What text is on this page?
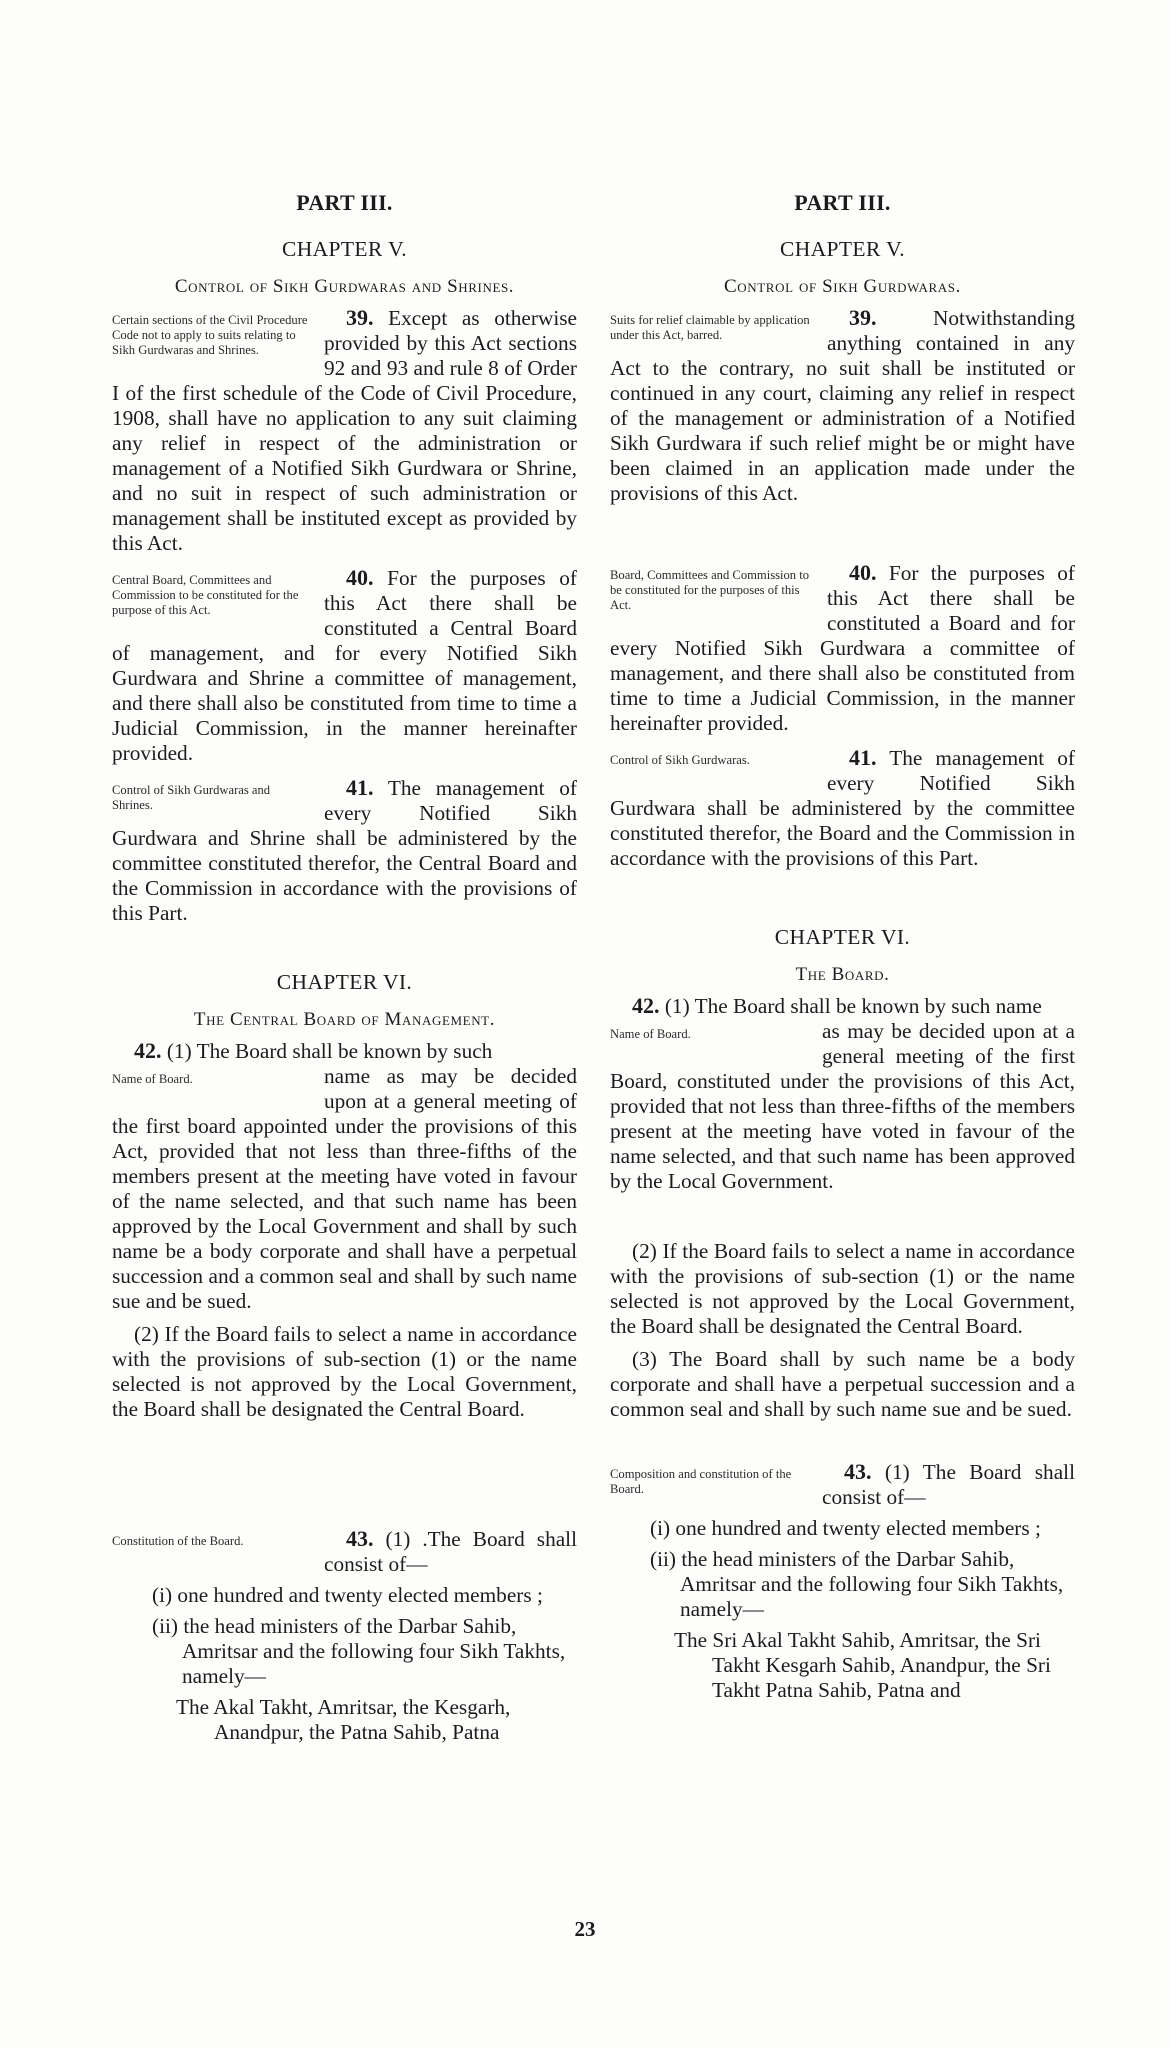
PART III.
CHAPTER V.
Control of Sikh Gurdwaras and Shrines.
Certain sections of the Civil Procedure Code not to apply to suits relating to Sikh Gurdwaras and Shrines.

39. Except as otherwise provided by this Act sections 92 and 93 and rule 8 of Order I of the first schedule of the Code of Civil Procedure, 1908, shall have no application to any suit claiming any relief in respect of the administration or management of a Notified Sikh Gurdwara or Shrine, and no suit in respect of such administration or management shall be instituted except as provided by this Act.

Central Board, Committees and Commission to be constituted for the purpose of this Act.

40. For the purposes of this Act there shall be constituted a Central Board of management, and for every Notified Sikh Gurdwara and Shrine a committee of management, and there shall also be constituted from time to time a Judicial Commission, in the manner hereinafter provided.

Control of Sikh Gurdwaras and Shrines.

41. The management of every Notified Sikh Gurdwara and Shrine shall be administered by the committee constituted therefor, the Central Board and the Commission in accordance with the provisions of this Part.

CHAPTER VI.
The Central Board of Management.

42. (1) The Board shall be known by such

Name of Board.	name as may be decided upon at a general meeting of the first board appointed under the provisions of this Act, provided that not less than three-fifths of the members present at the meeting have voted in favour of the name selected, and that such name has been approved by the Local Government and shall by such name be a body corporate and shall have a perpetual succession and a common seal and shall by such name sue and be sued.

(2) If the Board fails to select a name in accordance with the provisions of sub-section (1) or the name selected is not approved by the Local Government, the Board shall be designated the Central Board.

Constitution of the Board.	43. (1) .The Board shall consist of—

(i) one hundred and twenty elected members ;

(ii) the head ministers of the Darbar Sahib, Amritsar and the following four Sikh Takhts, namely—

The Akal Takht, Amritsar, the Kesgarh, Anandpur, the Patna Sahib, Patna

PART III.
CHAPTER V.
Control of Sikh Gurdwaras.
Suits for relief claimable by application under this Act, barred.

39.	Notwithstanding anything contained in any Act to the contrary, no suit shall be instituted or continued in any court, claiming any relief in respect of the management or administration of a Notified Sikh Gurdwara if such relief might be or might have been claimed in an application made under the provisions of this Act.

Board, Committees and Commission to be constituted for the purposes of this Act.

40. For the purposes of this Act there shall be constituted a Board and for every Notified Sikh Gurdwara a committee of management, and there shall also be constituted from time to time a Judicial Commission, in the manner hereinafter provided.

Control of Sikh Gurdwaras.	41. The management of every Notified Sikh Gurdwara shall be administered by the committee constituted therefor, the Board and the Commission in accordance with the provisions of this Part.

CHAPTER VI.
The Board.

42. (1) The Board shall be known by such name

Name of Board.	as may be decided upon at a general meeting of the first Board, constituted under the provisions of this Act, provided that not less than three-fifths of the members present at the meeting have voted in favour of the name selected, and that such name has been approved by the Local Government.

(2) If the Board fails to select a name in accordance with the provisions of sub-section (1) or the name selected is not approved by the Local Government, the Board shall be designated the Central Board.

(3) The Board shall by such name be a body corporate and shall have a perpetual succession and a common seal and shall by such name sue and be sued.

Composition and constitution of the Board.

43. (1) The Board shall consist of—

(i) one hundred and twenty elected members ;

(ii) the head ministers of the Darbar Sahib, Amritsar and the following four Sikh Takhts, namely—

The Sri Akal Takht Sahib, Amritsar, the Sri Takht Kesgarh Sahib, Anandpur, the Sri Takht Patna Sahib, Patna and

23
